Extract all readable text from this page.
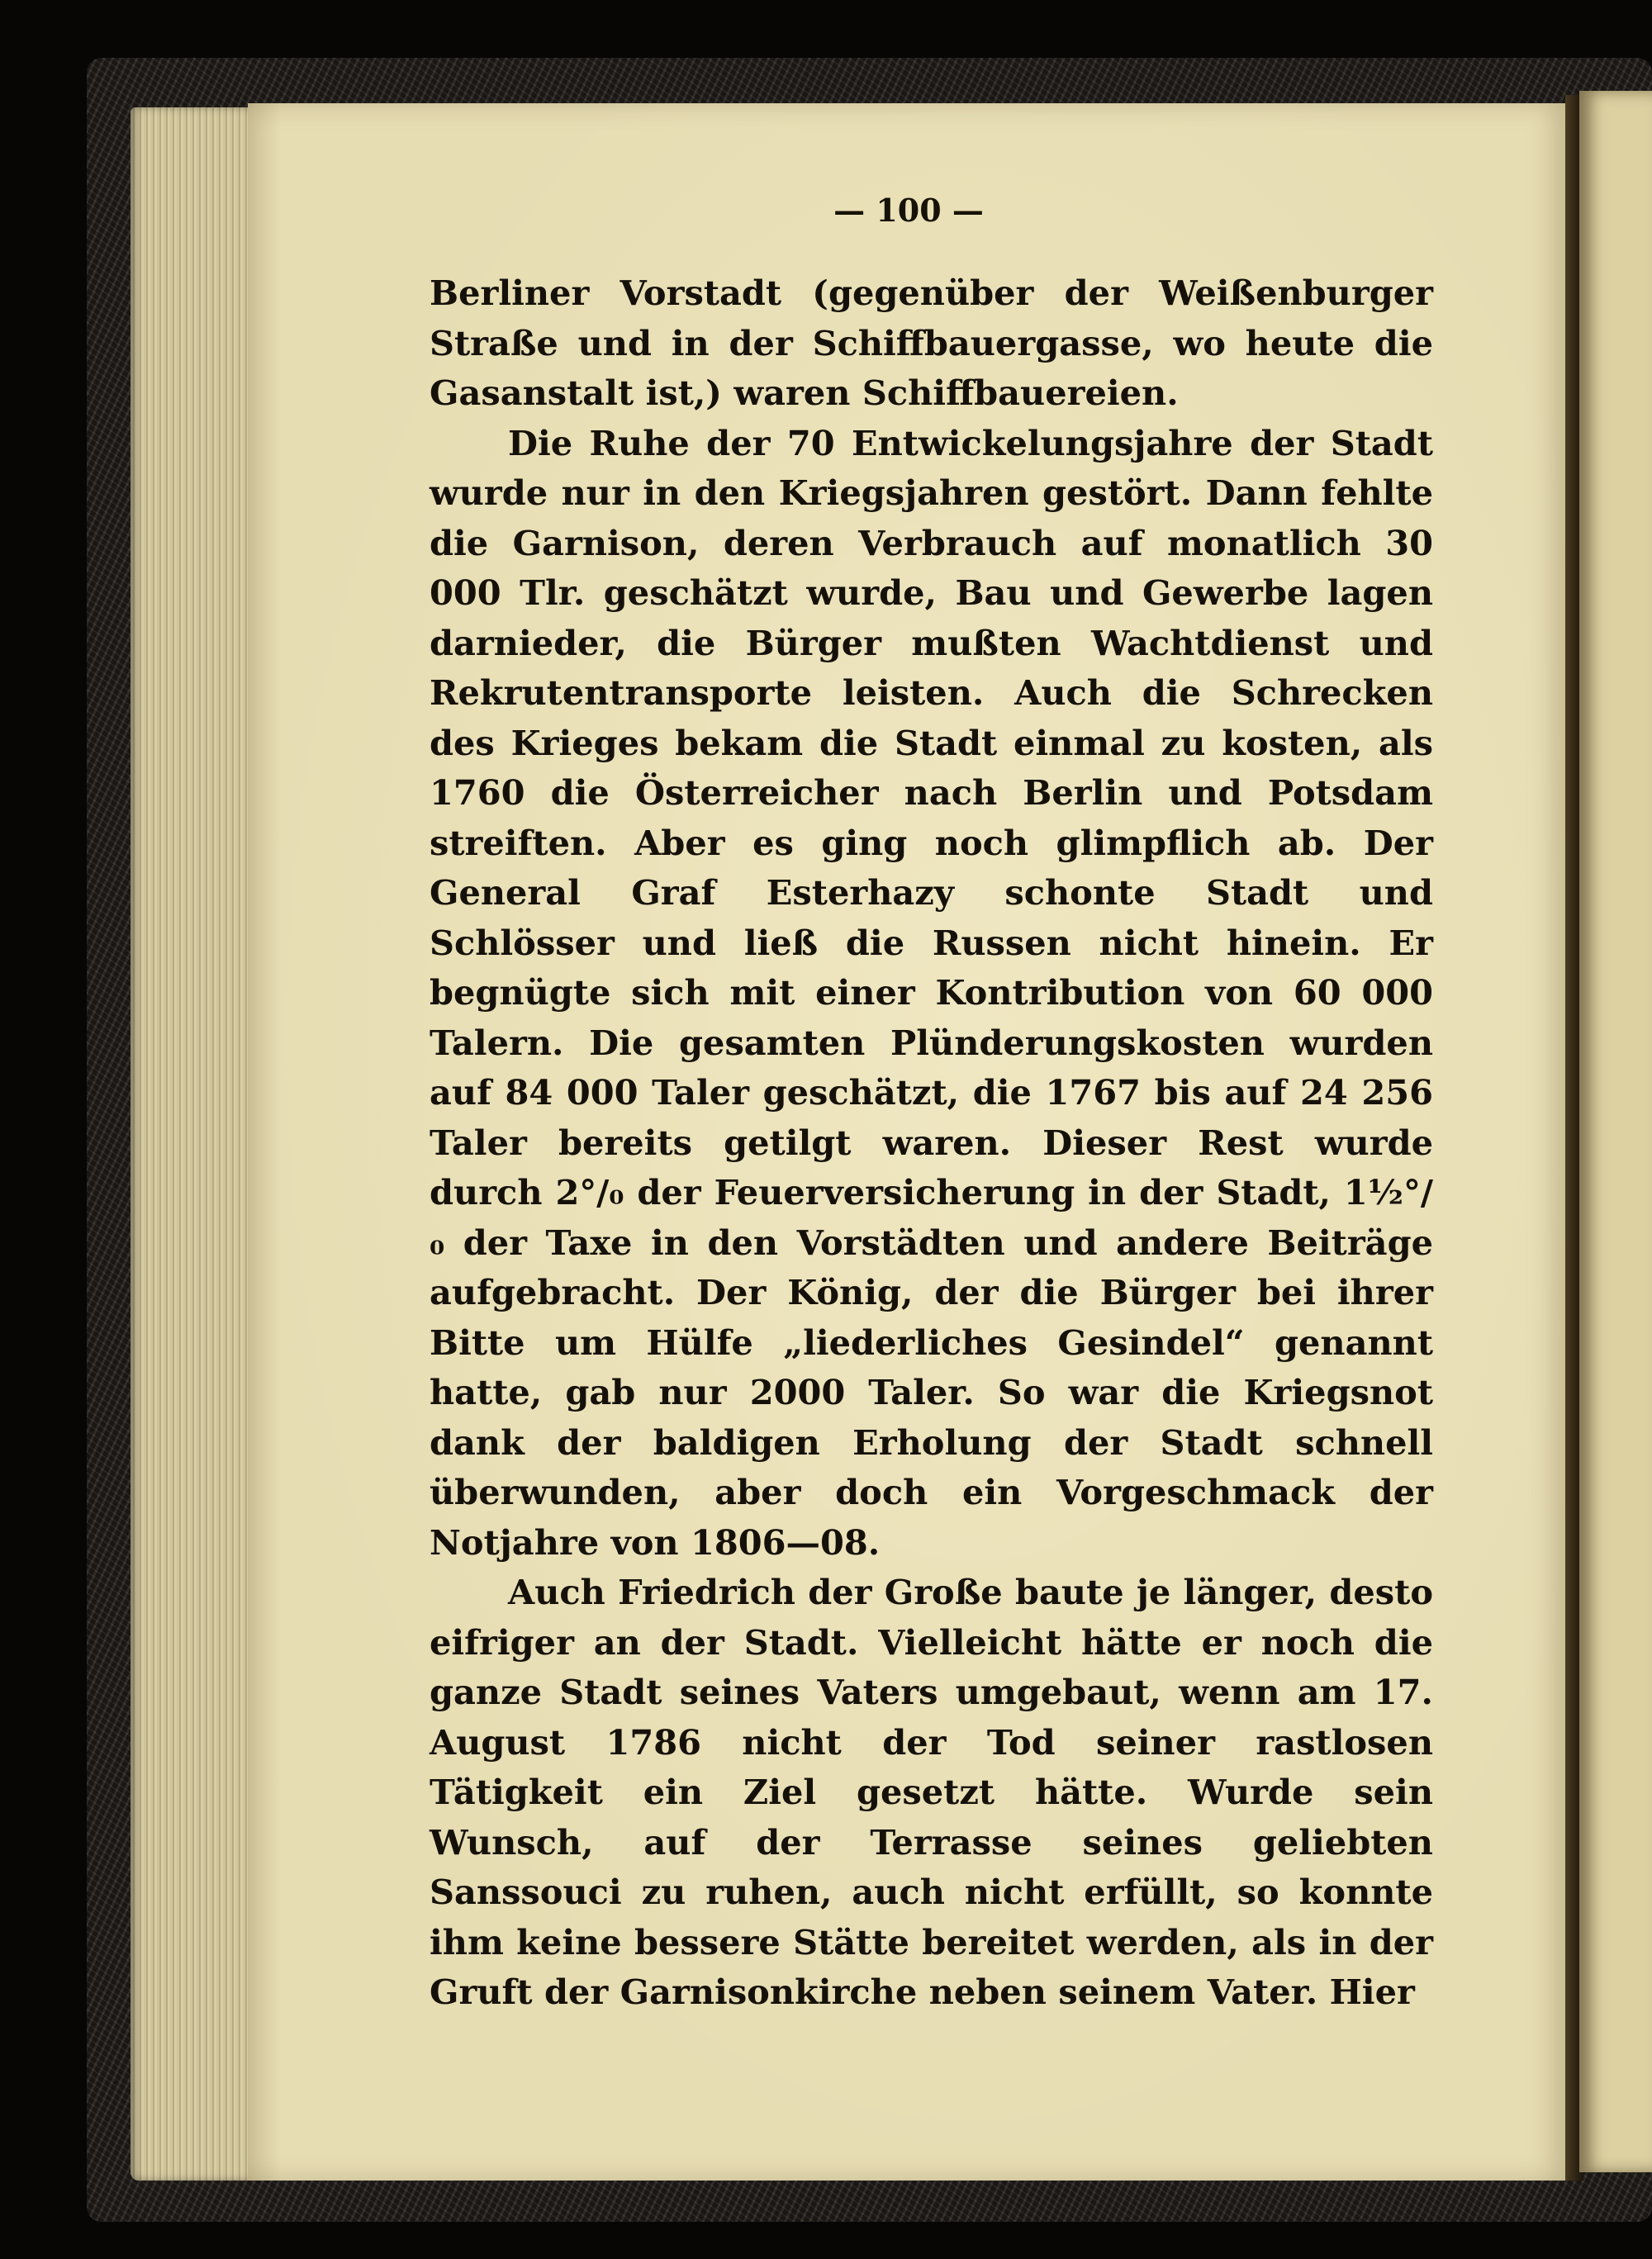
— 100 —

Berliner Vorstadt (gegenüber der Weißenburger Straße und in der Schiffbauergasse, wo heute die Gasanstalt ist,) waren Schiffbauereien.

Die Ruhe der 70 Entwickelungsjahre der Stadt wurde nur in den Kriegsjahren gestört. Dann fehlte die Garnison, deren Verbrauch auf monatlich 30 000 Tlr. geschätzt wurde, Bau und Gewerbe lagen darnieder, die Bürger mußten Wachtdienst und Rekrutentransporte leisten. Auch die Schrecken des Krieges bekam die Stadt einmal zu kosten, als 1760 die Österreicher nach Berlin und Potsdam streiften. Aber es ging noch glimpflich ab. Der General Graf Esterhazy schonte Stadt und Schlösser und ließ die Russen nicht hinein. Er begnügte sich mit einer Kontribution von 60 000 Talern. Die gesamten Plünderungskosten wurden auf 84 000 Taler geschätzt, die 1767 bis auf 24 256 Taler bereits getilgt waren. Dieser Rest wurde durch 2°/₀ der Feuerversicherung in der Stadt, 1½°/₀ der Taxe in den Vorstädten und andere Beiträge aufgebracht. Der König, der die Bürger bei ihrer Bitte um Hülfe „liederliches Gesindel“ genannt hatte, gab nur 2000 Taler. So war die Kriegsnot dank der baldigen Erholung der Stadt schnell überwunden, aber doch ein Vorgeschmack der Notjahre von 1806—08.

Auch Friedrich der Große baute je länger, desto eifriger an der Stadt. Vielleicht hätte er noch die ganze Stadt seines Vaters umgebaut, wenn am 17. August 1786 nicht der Tod seiner rastlosen Tätigkeit ein Ziel gesetzt hätte. Wurde sein Wunsch, auf der Terrasse seines geliebten Sanssouci zu ruhen, auch nicht erfüllt, so konnte ihm keine bessere Stätte bereitet werden, als in der Gruft der Garnisonkirche neben seinem Vater. Hier
